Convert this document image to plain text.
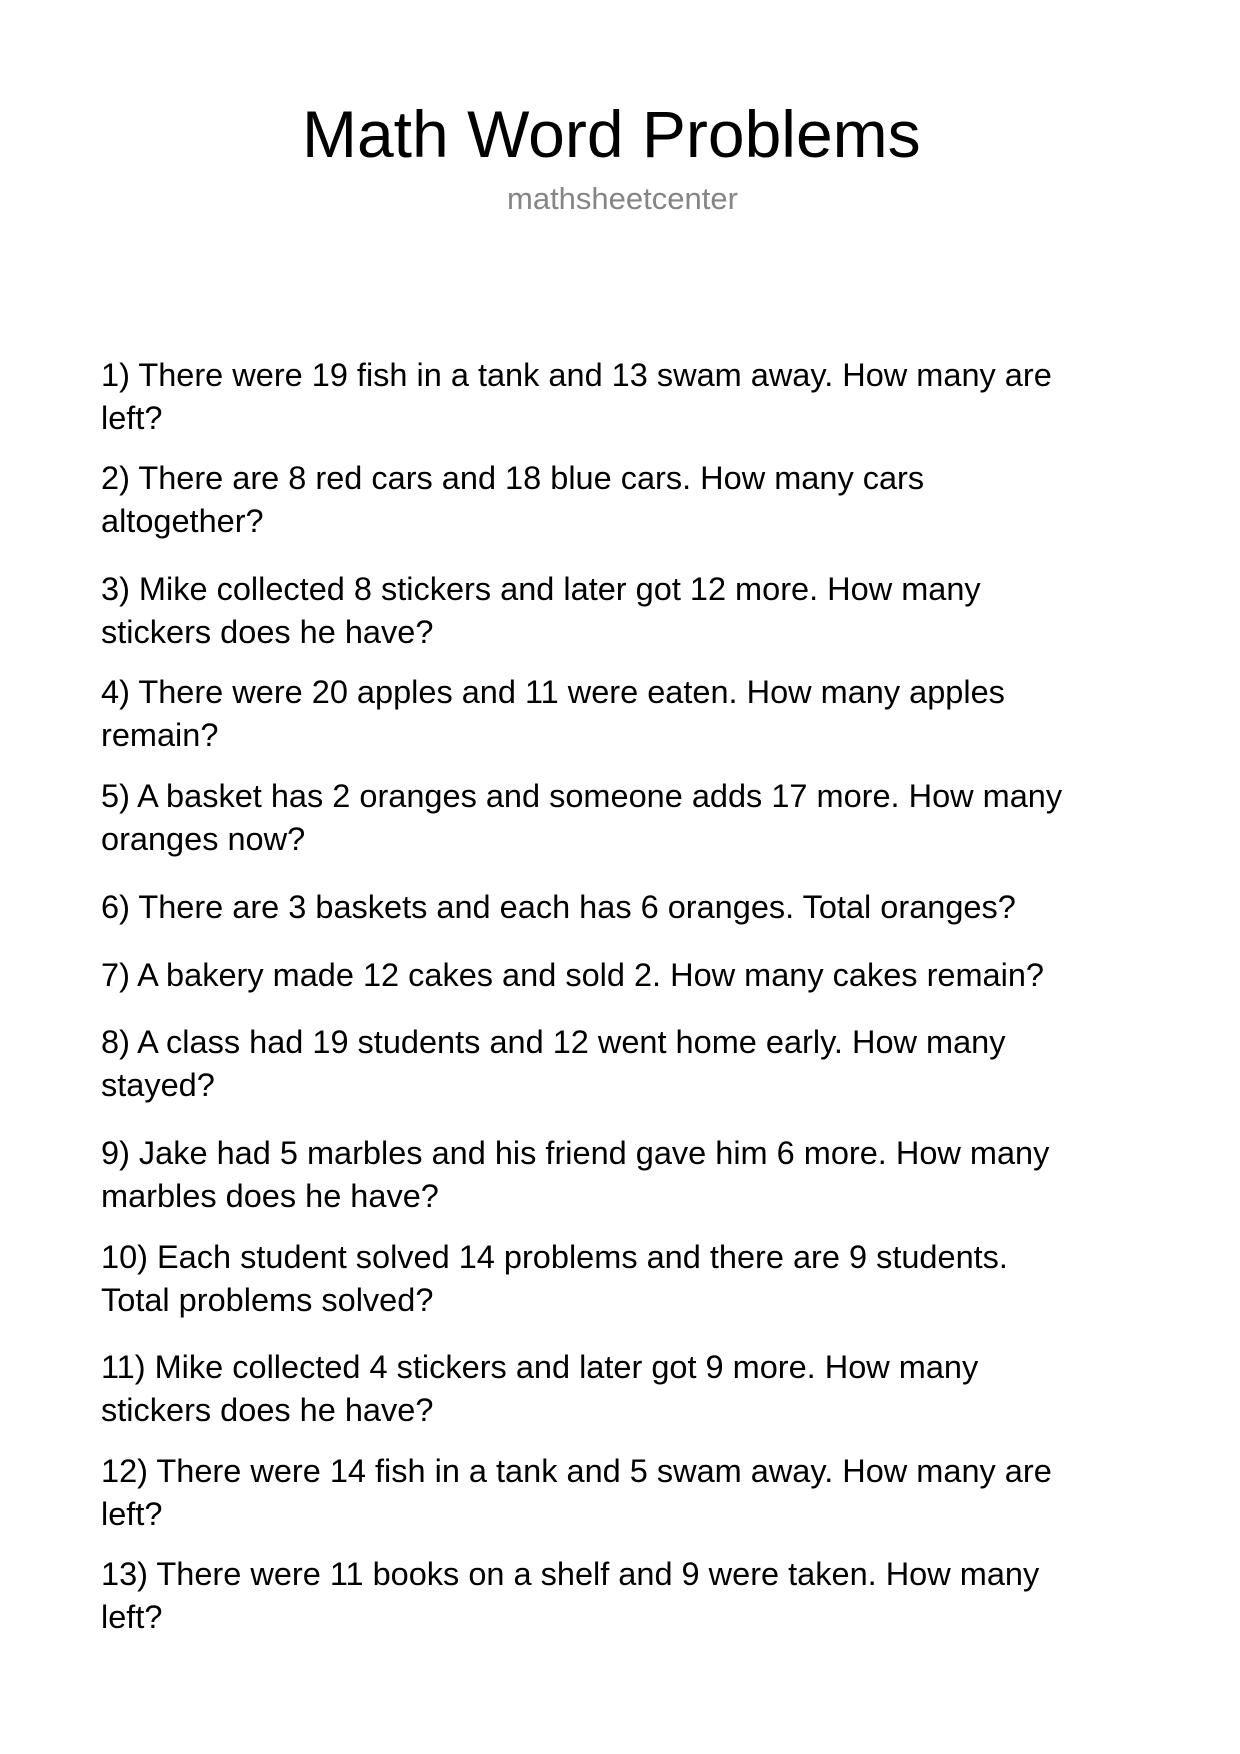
Math Word Problems
mathsheetcenter
1) There were 19 fish in a tank and 13 swam away. How many are
left?
2) There are 8 red cars and 18 blue cars. How many cars
altogether?
3) Mike collected 8 stickers and later got 12 more. How many
stickers does he have?
4) There were 20 apples and 11 were eaten. How many apples
remain?
5) A basket has 2 oranges and someone adds 17 more. How many
oranges now?
6) There are 3 baskets and each has 6 oranges. Total oranges?
7) A bakery made 12 cakes and sold 2. How many cakes remain?
8) A class had 19 students and 12 went home early. How many
stayed?
9) Jake had 5 marbles and his friend gave him 6 more. How many
marbles does he have?
10) Each student solved 14 problems and there are 9 students.
Total problems solved?
11) Mike collected 4 stickers and later got 9 more. How many
stickers does he have?
12) There were 14 fish in a tank and 5 swam away. How many are
left?
13) There were 11 books on a shelf and 9 were taken. How many
left?
